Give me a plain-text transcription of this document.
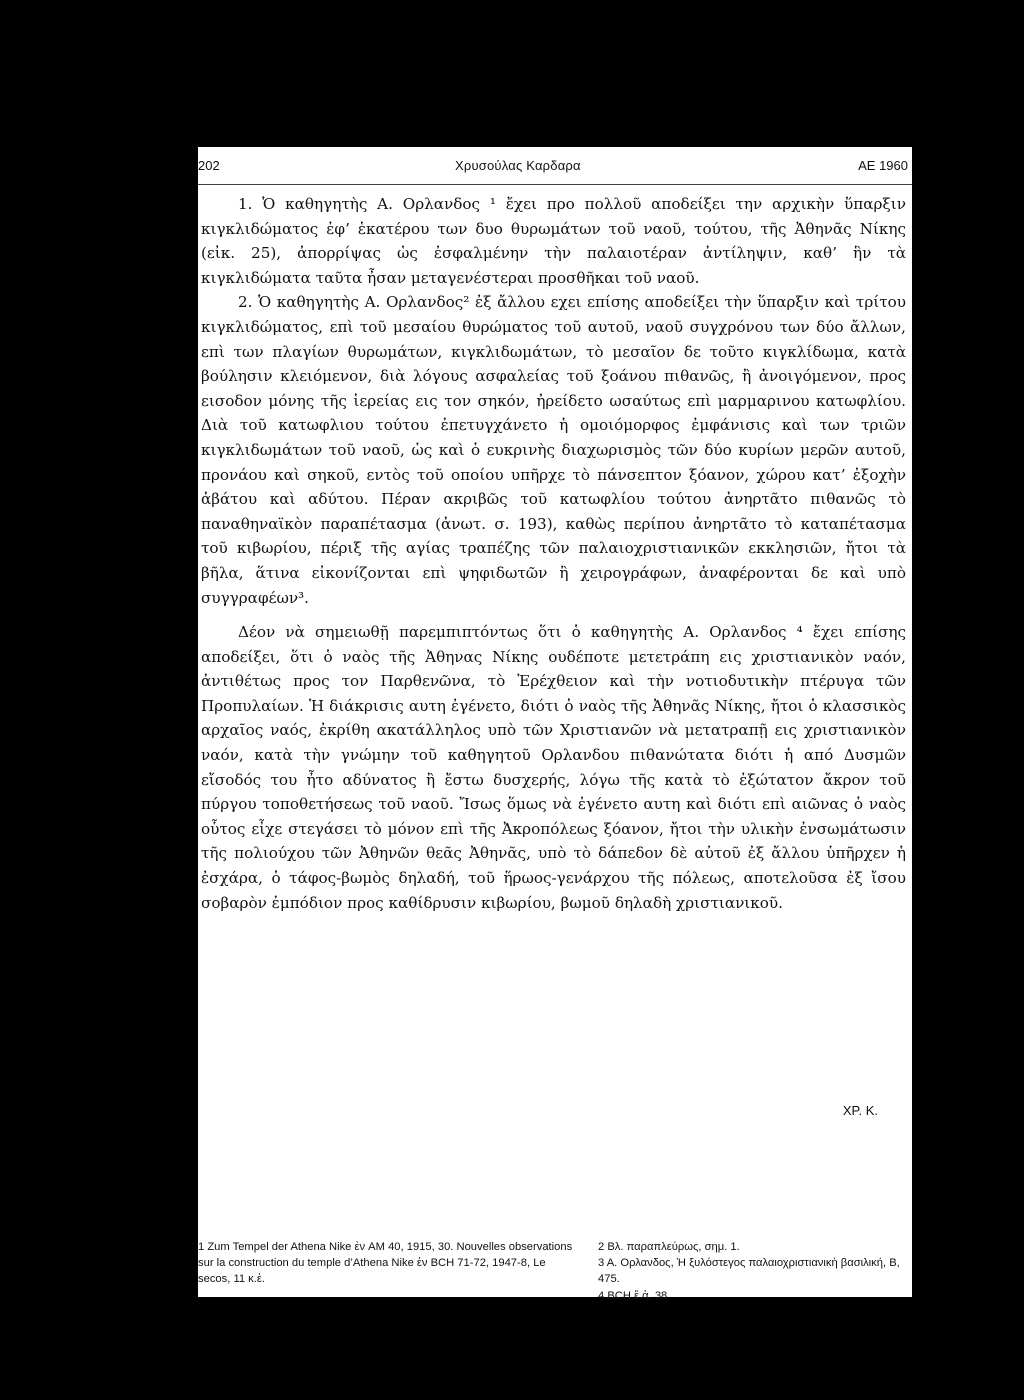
202	Χρυσούλας Καρδαρα	ΑΕ 1960

1. Ὁ καθηγητὴς Α. Ορλανδος ¹ ἔχει προ πολλοῦ αποδείξει την αρχικὴν ὕπαρξιν κιγκλιδώματος ἐφ’ ἑκατέρου των δυο θυρωμάτων τοῦ ναοῦ, τούτου, τῆς Ἀθηνᾶς Νίκης (εἰκ. 25), ἀπορρίψας ὡς ἐσφαλμένην τὴν παλαιοτέραν ἀντίληψιν, καθ’ ἣν τὰ κιγκλιδώματα ταῦτα ἦσαν μεταγενέστεραι προσθῆκαι τοῦ ναοῦ.

2. Ὁ καθηγητὴς Α. Ορλανδος² ἐξ ἄλλου εχει επίσης αποδείξει τὴν ὕπαρξιν καὶ τρίτου κιγκλιδώματος, επὶ τοῦ μεσαίου θυρώματος τοῦ αυτοῦ, ναοῦ συγχρόνου των δύο ἄλλων, επὶ των πλαγίων θυρωμάτων, κιγκλιδωμάτων, τὸ μεσαῖον δε τοῦτο κιγκλίδωμα, κατὰ βούλησιν κλειόμενον, διὰ λόγους ασφαλείας τοῦ ξοάνου πιθανῶς, ἢ ἀνοιγόμενον, προς εισοδον μόνης τῆς ἱερείας εις τον σηκόν, ἠρείδετο ωσαύτως επὶ μαρμαρινου κατωφλίου. Διὰ τοῦ κατωφλιου τούτου ἐπετυγχάνετο ἡ ομοιόμορφος ἐμφάνισις καὶ των τριῶν κιγκλιδωμάτων τοῦ ναοῦ, ὡς καὶ ὁ ευκρινὴς διαχωρισμὸς τῶν δύο κυρίων μερῶν αυτοῦ, προνάου καὶ σηκοῦ, εντὸς τοῦ οποίου υπῆρχε τὸ πάνσεπτον ξόανον, χώρου κατ’ ἐξοχὴν ἀβάτου καὶ αδύτου. Πέραν ακριβῶς τοῦ κατωφλίου τούτου ἀνηρτᾶτο πιθανῶς τὸ παναθηναϊκὸν παραπέτασμα (ἀνωτ. σ. 193), καθὼς περίπου ἀνηρτᾶτο τὸ καταπέτασμα τοῦ κιβωρίου, πέριξ τῆς αγίας τραπέζης τῶν παλαιοχριστιανικῶν εκκλησιῶν, ἤτοι τὰ βῆλα, ἅτινα εἰκονίζονται επὶ ψηφιδωτῶν ἢ χειρογράφων, ἀναφέρονται δε καὶ υπὸ συγγραφέων³.

Δέον νὰ σημειωθῇ παρεμπιπτόντως ὅτι ὁ καθηγητὴς Α. Ορλανδος ⁴ ἔχει επίσης αποδείξει, ὅτι ὁ ναὸς τῆς Ἀθηνας Νίκης ουδέποτε μετετράπη εις χριστιανικὸν ναόν, ἀντιθέτως προς τον Παρθενῶνα, τὸ Ἐρέχθειον καὶ τὴν νοτιοδυτικὴν πτέρυγα τῶν Προπυλαίων. Ἡ διάκρισις αυτη ἐγένετο, διότι ὁ ναὸς τῆς Ἀθηνᾶς Νίκης, ἤτοι ὁ κλασσικὸς αρχαῖος ναός, ἐκρίθη ακατάλληλος υπὸ τῶν Χριστιανῶν νὰ μετατραπῇ εις χριστιανικὸν ναόν, κατὰ τὴν γνώμην τοῦ καθηγητοῦ Ορλανδου πιθανώτατα διότι ἡ από Δυσμῶν εἴσοδός του ἦτο αδύνατος ἢ ἔστω δυσχερής, λόγω τῆς κατὰ τὸ ἐξώτατον ἄκρον τοῦ πύργου τοποθετήσεως τοῦ ναοῦ. Ἴσως ὅμως νὰ ἐγένετο αυτη καὶ διότι επὶ αιῶνας ὁ ναὸς οὗτος εἶχε στεγάσει τὸ μόνον επὶ τῆς Ἀκροπόλεως ξόανον, ἤτοι τὴν υλικὴν ἐνσωμάτωσιν τῆς πολιούχου τῶν Ἀθηνῶν θεᾶς Ἀθηνᾶς, υπὸ τὸ δάπεδον δὲ αὐτοῦ ἐξ ἄλλου ὑπῆρχεν ἡ ἐσχάρα, ὁ τάφος-βωμὸς δηλαδή, τοῦ ἥρωος-γενάρχου τῆς πόλεως, αποτελοῦσα ἐξ ἴσου σοβαρὸν ἐμπόδιον προς καθίδρυσιν κιβωρίου, βωμοῦ δηλαδὴ χριστιανικοῦ.

ΧΡ. Κ.

1 Zum Tempel der Athena Nike ἐν AM 40, 1915, 30. Nouvelles observations sur la construction du temple d’Athena Nike ἐν BCH 71-72, 1947-8, Le secos, 11 κ.ἑ.

2 Βλ. παραπλεύρως, σημ. 1.

3 Α. Ορλανδος, Ἡ ξυλόστεγος παλαιοχριστιανικὴ βασιλική, Β, 475.

4 BCH ἔ.ἀ. 38.
